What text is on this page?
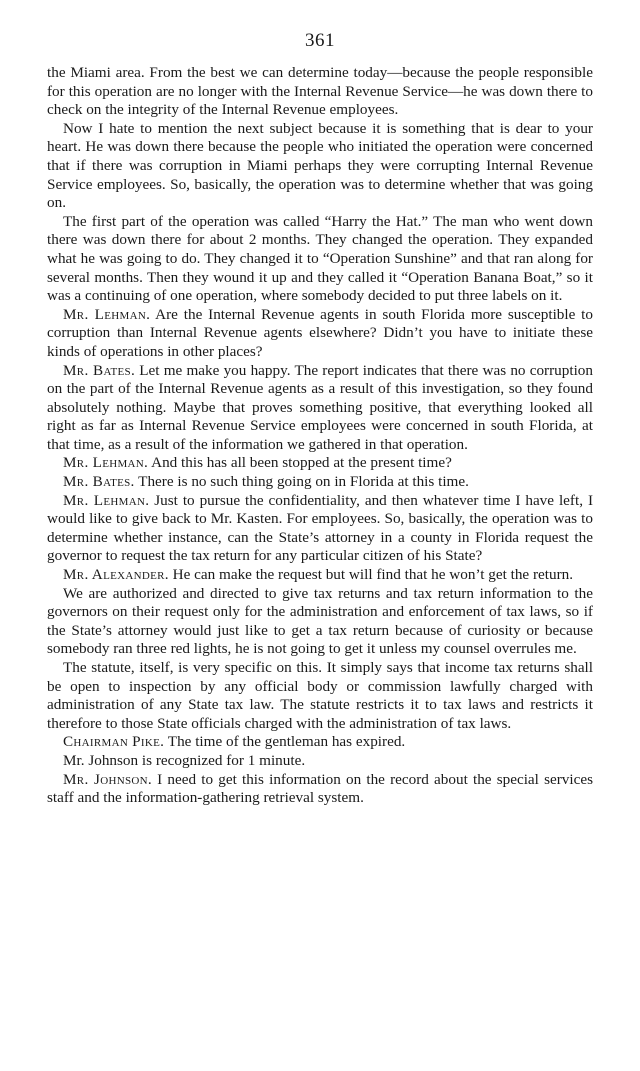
361

the Miami area. From the best we can determine today—because the people responsible for this operation are no longer with the Internal Revenue Service—he was down there to check on the integrity of the Internal Revenue employees.

Now I hate to mention the next subject because it is something that is dear to your heart. He was down there because the people who initiated the operation were concerned that if there was corruption in Miami perhaps they were corrupting Internal Revenue Service employees. So, basically, the operation was to determine whether that was going on.

The first part of the operation was called “Harry the Hat.” The man who went down there was down there for about 2 months. They changed the operation. They expanded what he was going to do. They changed it to “Operation Sunshine” and that ran along for several months. Then they wound it up and they called it “Operation Banana Boat,” so it was a continuing of one operation, where somebody decided to put three labels on it.

Mr. Lehman. Are the Internal Revenue agents in south Florida more susceptible to corruption than Internal Revenue agents elsewhere? Didn’t you have to initiate these kinds of operations in other places?

Mr. Bates. Let me make you happy. The report indicates that there was no corruption on the part of the Internal Revenue agents as a result of this investigation, so they found absolutely nothing. Maybe that proves something positive, that everything looked all right as far as Internal Revenue Service employees were concerned in south Florida, at that time, as a result of the information we gathered in that operation.

Mr. Lehman. And this has all been stopped at the present time?

Mr. Bates. There is no such thing going on in Florida at this time.

Mr. Lehman. Just to pursue the confidentiality, and then whatever time I have left, I would like to give back to Mr. Kasten. For employees. So, basically, the operation was to determine whether instance, can the State’s attorney in a county in Florida request the governor to request the tax return for any particular citizen of his State?

Mr. Alexander. He can make the request but will find that he won’t get the return.

We are authorized and directed to give tax returns and tax return information to the governors on their request only for the administration and enforcement of tax laws, so if the State’s attorney would just like to get a tax return because of curiosity or because somebody ran three red lights, he is not going to get it unless my counsel overrules me.

The statute, itself, is very specific on this. It simply says that income tax returns shall be open to inspection by any official body or commission lawfully charged with administration of any State tax law. The statute restricts it to tax laws and restricts it therefore to those State officials charged with the administration of tax laws.

Chairman Pike. The time of the gentleman has expired.

Mr. Johnson is recognized for 1 minute.

Mr. Johnson. I need to get this information on the record about the special services staff and the information-gathering retrieval system.
